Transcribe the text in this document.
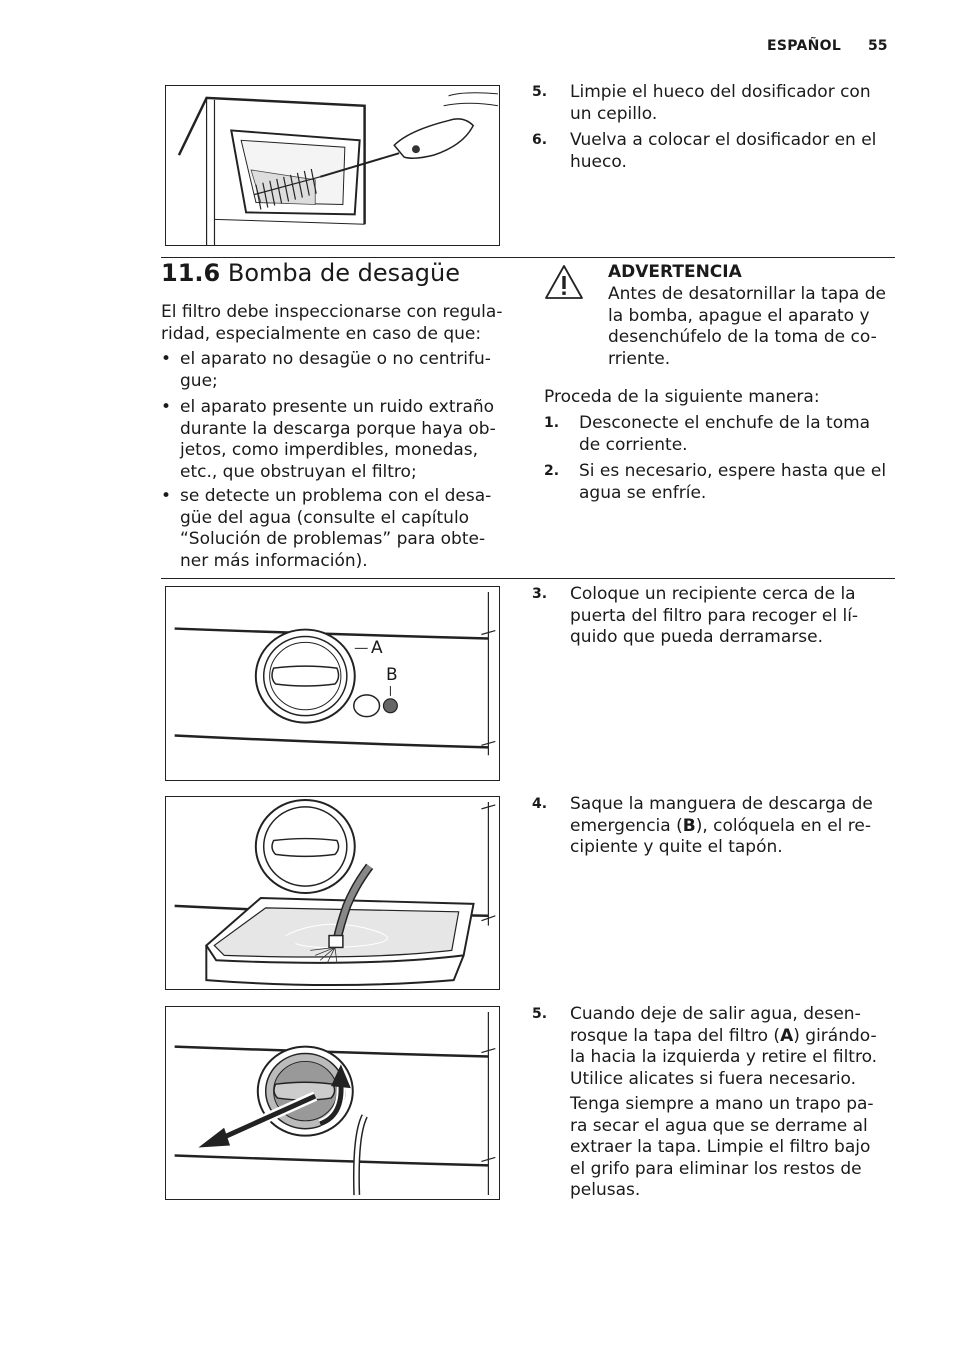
ESPAÑOL 55
5. Limpie el hueco del dosificador con
un cepillo.
6. Vuelva a colocar el dosificador en el
hueco.
11.6 Bomba de desagüe
El filtro debe inspeccionarse con regula-
ridad, especialmente en caso de que:
• el aparato no desagüe o no centrifu-
gue;
• el aparato presente un ruido extraño
durante la descarga porque haya ob-
jetos, como imperdibles, monedas,
etc., que obstruyan el filtro;
• se detecte un problema con el desa-
güe del agua (consulte el capítulo
“Solución de problemas” para obte-
ner más información).
ADVERTENCIA
Antes de desatornillar la tapa de
la bomba, apague el aparato y
desenchúfelo de la toma de co-
rriente.
Proceda de la siguiente manera:
1. Desconecte el enchufe de la toma
de corriente.
2. Si es necesario, espere hasta que el
agua se enfríe.
A
B
3. Coloque un recipiente cerca de la
puerta del filtro para recoger el lí-
quido que pueda derramarse.
4. Saque la manguera de descarga de
emergencia (B), colóquela en el re-
cipiente y quite el tapón.
5. Cuando deje de salir agua, desen-
rosque la tapa del filtro (A) girándo-
la hacia la izquierda y retire el filtro.
Utilice alicates si fuera necesario.
Tenga siempre a mano un trapo pa-
ra secar el agua que se derrame al
extraer la tapa. Limpie el filtro bajo
el grifo para eliminar los restos de
pelusas.
